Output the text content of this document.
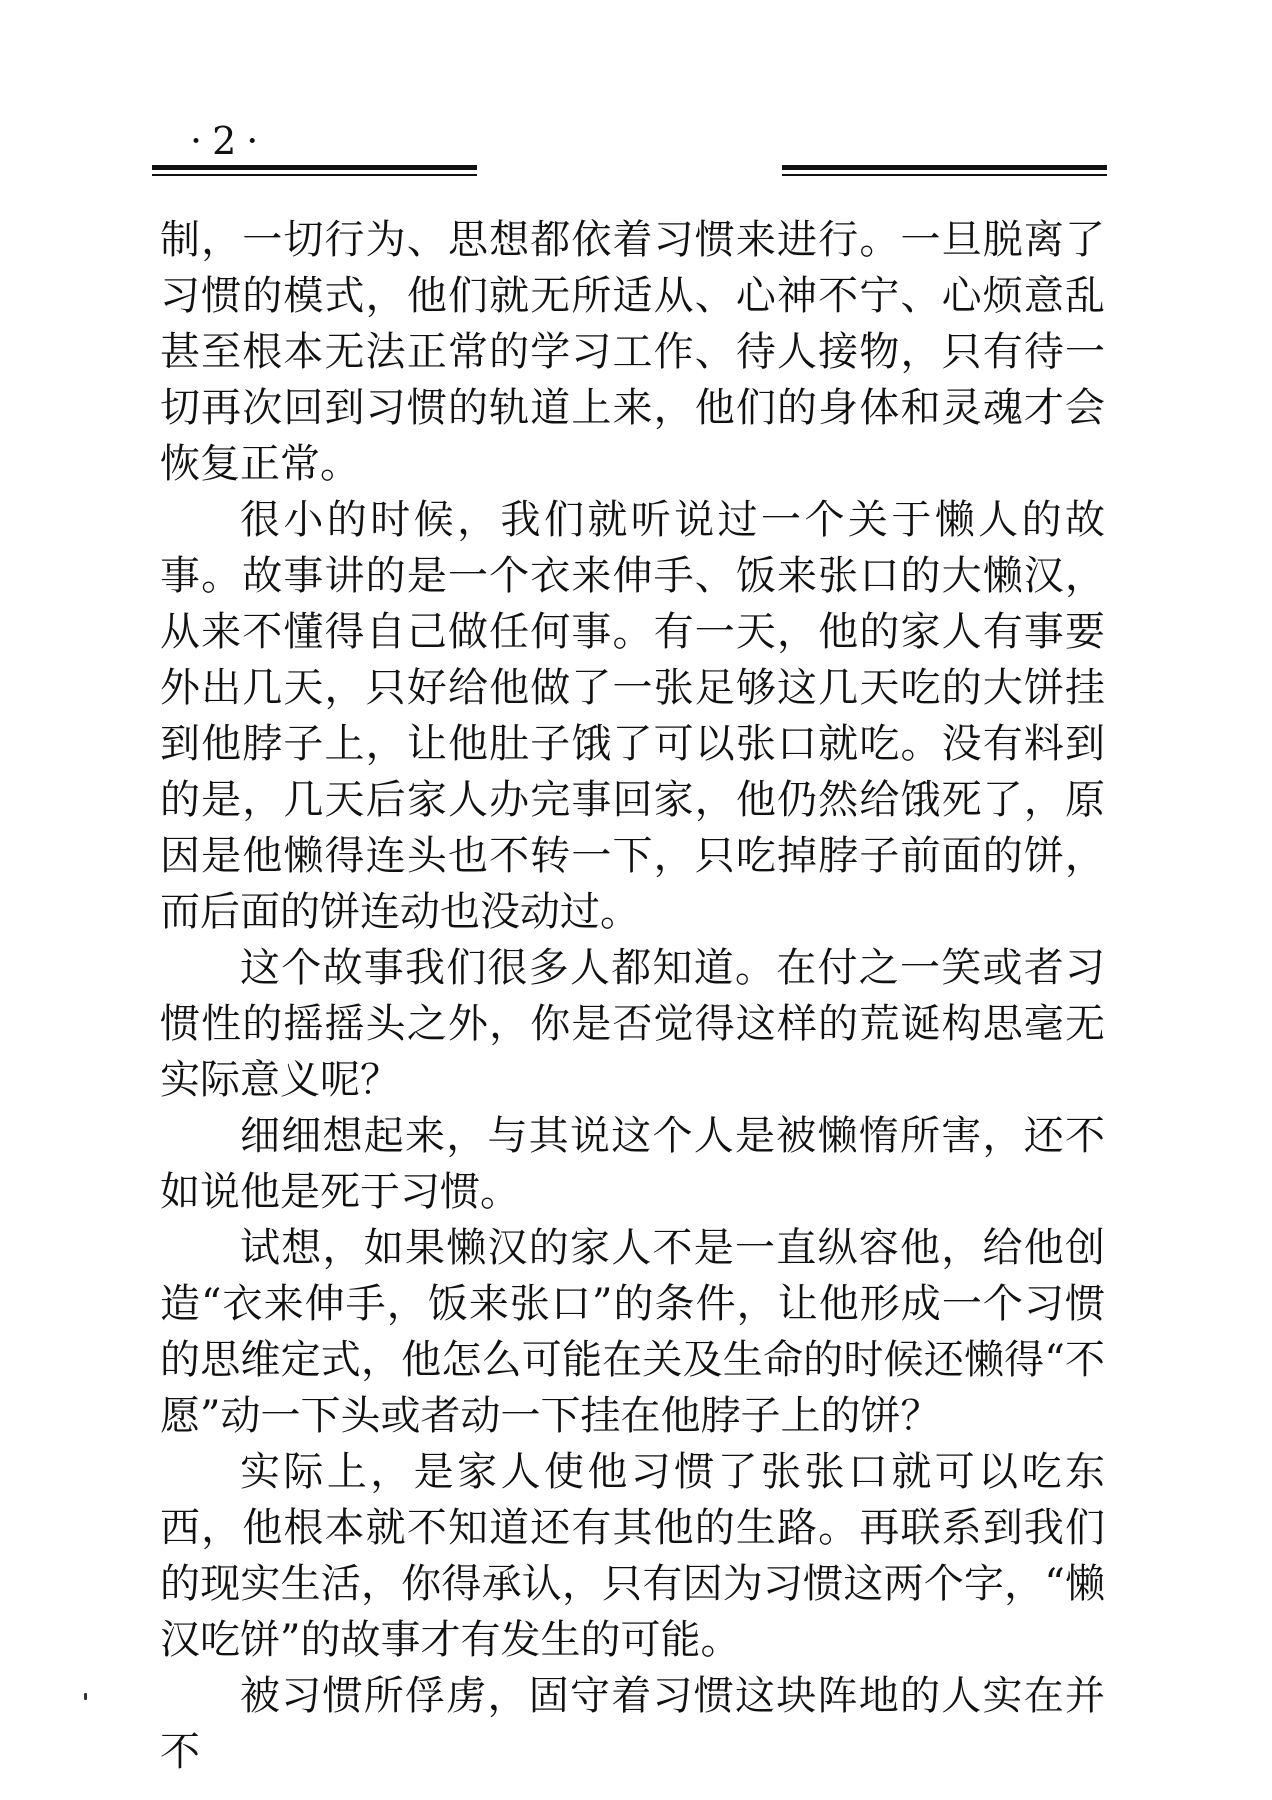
·2·

制，一切行为、思想都依着习惯来进行。一旦脱离了习惯的模式，他们就无所适从、心神不宁、心烦意乱甚至根本无法正常的学习工作、待人接物，只有待一切再次回到习惯的轨道上来，他们的身体和灵魂才会恢复正常。

很小的时候，我们就听说过一个关于懒人的故事。故事讲的是一个衣来伸手、饭来张口的大懒汉，从来不懂得自己做任何事。有一天，他的家人有事要外出几天，只好给他做了一张足够这几天吃的大饼挂到他脖子上，让他肚子饿了可以张口就吃。没有料到的是，几天后家人办完事回家，他仍然给饿死了，原因是他懒得连头也不转一下，只吃掉脖子前面的饼，而后面的饼连动也没动过。

这个故事我们很多人都知道。在付之一笑或者习惯性的摇摇头之外，你是否觉得这样的荒诞构思毫无实际意义呢？

细细想起来，与其说这个人是被懒惰所害，还不如说他是死于习惯。

试想，如果懒汉的家人不是一直纵容他，给他创造“衣来伸手，饭来张口”的条件，让他形成一个习惯的思维定式，他怎么可能在关及生命的时候还懒得“不愿”动一下头或者动一下挂在他脖子上的饼？

实际上，是家人使他习惯了张张口就可以吃东西，他根本就不知道还有其他的生路。再联系到我们的现实生活，你得承认，只有因为习惯这两个字，“懒汉吃饼”的故事才有发生的可能。

被习惯所俘虏，固守着习惯这块阵地的人实在并不
